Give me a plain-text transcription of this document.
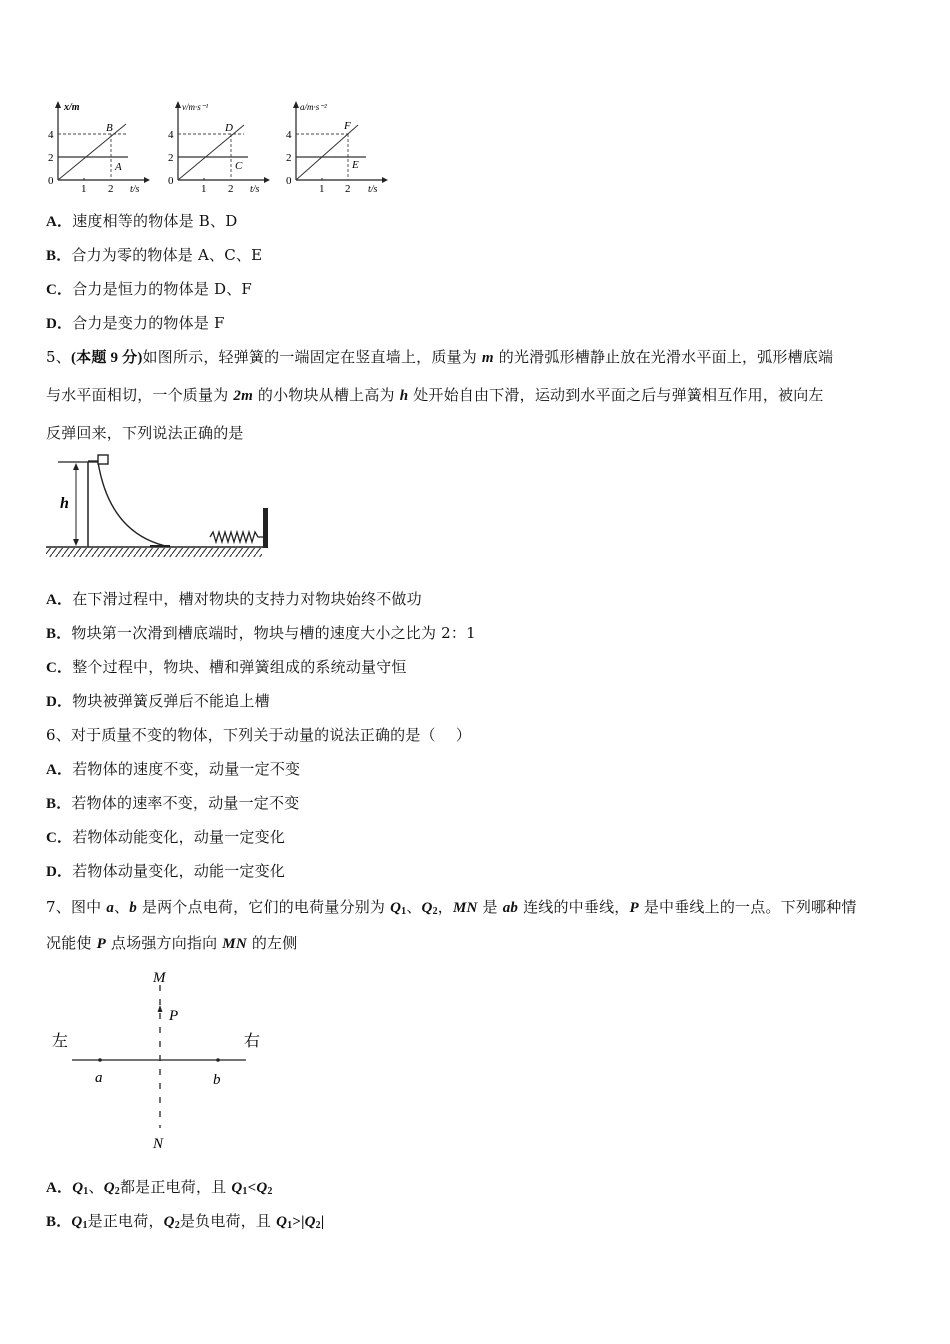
x/m
4
2
0
1 2 t/s
B
A
v/m·s⁻¹
4
2
0
1 2 t/s
D
C
a/m·s⁻²
4
2
0
1 2 t/s
F
E
A．速度相等的物体是 B、D
B．合力为零的物体是 A、C、E
C．合力是恒力的物体是 D、F
D．合力是变力的物体是 F
5、(本题 9 分)如图所示，轻弹簧的一端固定在竖直墙上，质量为 m 的光滑弧形槽静止放在光滑水平面上，弧形槽底端
与水平面相切，一个质量为 2m 的小物块从槽上高为 h 处开始自由下滑，运动到水平面之后与弹簧相互作用，被向左
反弹回来，下列说法正确的是
h
A．在下滑过程中，槽对物块的支持力对物块始终不做功
B．物块第一次滑到槽底端时，物块与槽的速度大小之比为 2：1
C．整个过程中，物块、槽和弹簧组成的系统动量守恒
D．物块被弹簧反弹后不能追上槽
6、对于质量不变的物体，下列关于动量的说法正确的是（　 ）
A．若物体的速度不变，动量一定不变
B．若物体的速率不变，动量一定不变
C．若物体动能变化，动量一定变化
D．若物体动量变化，动能一定变化
7、图中 a、b 是两个点电荷，它们的电荷量分别为 $Q_1$、$Q_2$，MN 是 ab 连线的中垂线，P 是中垂线上的一点。下列哪种情
况能使 P 点场强方向指向 MN 的左侧
M
N
P
a	b
左	右
A．$Q_1$、$Q_2$都是正电荷，且 $Q_1<Q_2$
B．$Q_1$是正电荷，$Q_2$是负电荷，且 $Q_1>|Q_2|$
